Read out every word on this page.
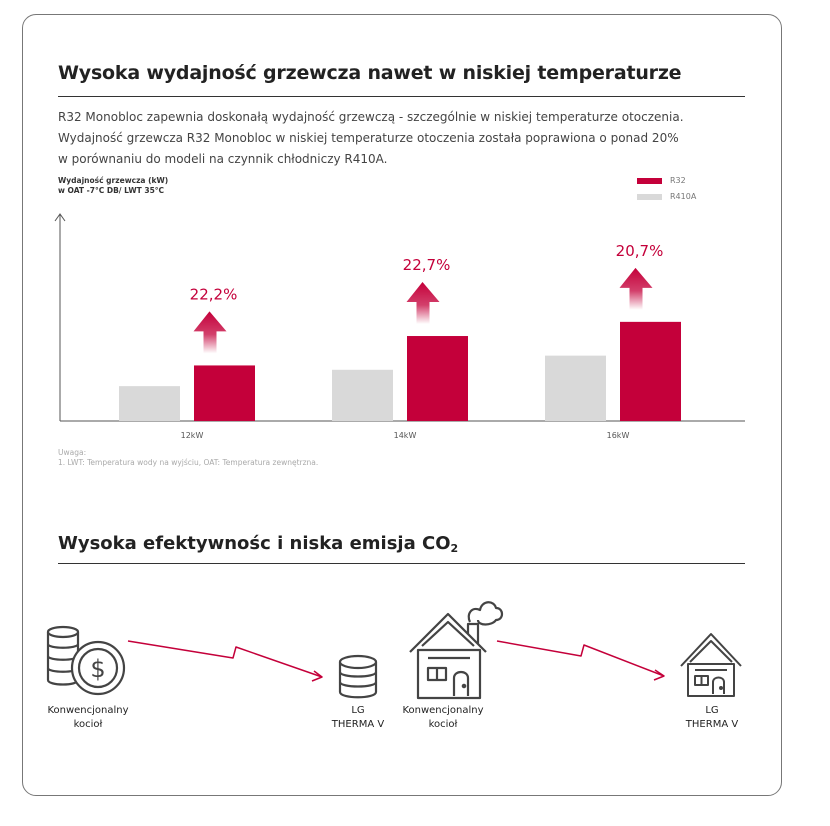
Wysoka wydajność grzewcza nawet w niskiej temperaturze

R32 Monobloc zapewnia doskonałą wydajność grzewczą - szczególnie w niskiej temperaturze otoczenia.
Wydajność grzewcza R32 Monobloc w niskiej temperaturze otoczenia została poprawiona o ponad 20%
w porównaniu do modeli na czynnik chłodniczy R410A.

Wydajność grzewcza (kW)
w OAT -7°C DB/ LWT 35°C
R32
R410A
12kW
22,2%
14kW
22,7%
16kW
20,7%
Uwaga:
1. LWT: Temperatura wody na wyjściu, OAT: Temperatura zewnętrzna.
Wysoka efektywnośc i niska emisja $CO_2$
$
Konwencjonalny
kocioł
LG
THERMA V
Konwencjonalny
kocioł
LG
THERMA V
